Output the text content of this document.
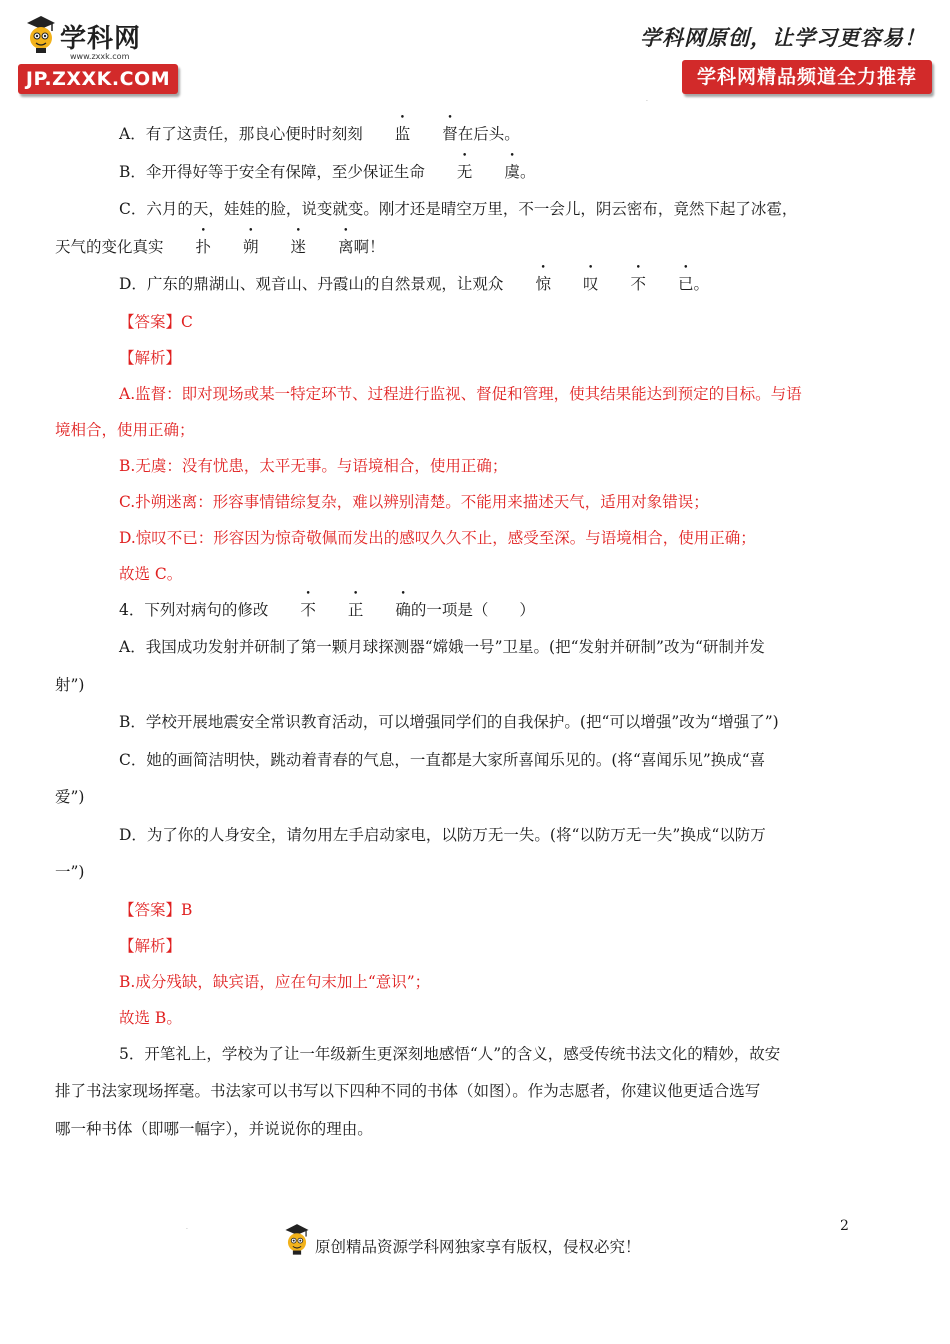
学科网
www.zxxk.com
JP.ZXXK.COM
学科网原创，让学习更容易！
学科网精品频道全力推荐
·

A．有了这责任，那良心便时时刻刻 监 督在后头。

B．伞开得好等于安全有保障，至少保证生命 无 虞。

C．六月的天，娃娃的脸，说变就变。刚才还是晴空万里，不一会儿，阴云密布，竟然下起了冰雹，
天气的变化真实 扑 朔 迷 离啊！

D．广东的鼎湖山、观音山、丹霞山的自然景观，让观众 惊 叹 不 已。

【答案】C

【解析】

A.监督：即对现场或某一特定环节、过程进行监视、督促和管理，使其结果能达到预定的目标。与语
境相合，使用正确；

B.无虞：没有忧患，太平无事。与语境相合，使用正确；

C.扑朔迷离：形容事情错综复杂，难以辨别清楚。不能用来描述天气，适用对象错误；

D.惊叹不已：形容因为惊奇敬佩而发出的感叹久久不止，感受至深。与语境相合，使用正确；

故选 C。

4．下列对病句的修改 不 正 确的一项是（　　）

A．我国成功发射并研制了第一颗月球探测器“嫦娥一号”卫星。(把“发射并研制”改为“研制并发
射”)

B．学校开展地震安全常识教育活动，可以增强同学们的自我保护。(把“可以增强”改为“增强了”)

C．她的画简洁明快，跳动着青春的气息，一直都是大家所喜闻乐见的。(将“喜闻乐见”换成“喜
爱”)

D．为了你的人身安全，请勿用左手启动家电，以防万无一失。(将“以防万无一失”换成“以防万
一”)

【答案】B

【解析】

B.成分残缺，缺宾语，应在句末加上“意识”；

故选 B。

5．开笔礼上，学校为了让一年级新生更深刻地感悟“人”的含义，感受传统书法文化的精妙，故安
排了书法家现场挥毫。书法家可以书写以下四种不同的书体（如图）。作为志愿者，你建议他更适合选写
哪一种书体（即哪一幅字），并说说你的理由。

2
原创精品资源学科网独家享有版权，侵权必究！
·
